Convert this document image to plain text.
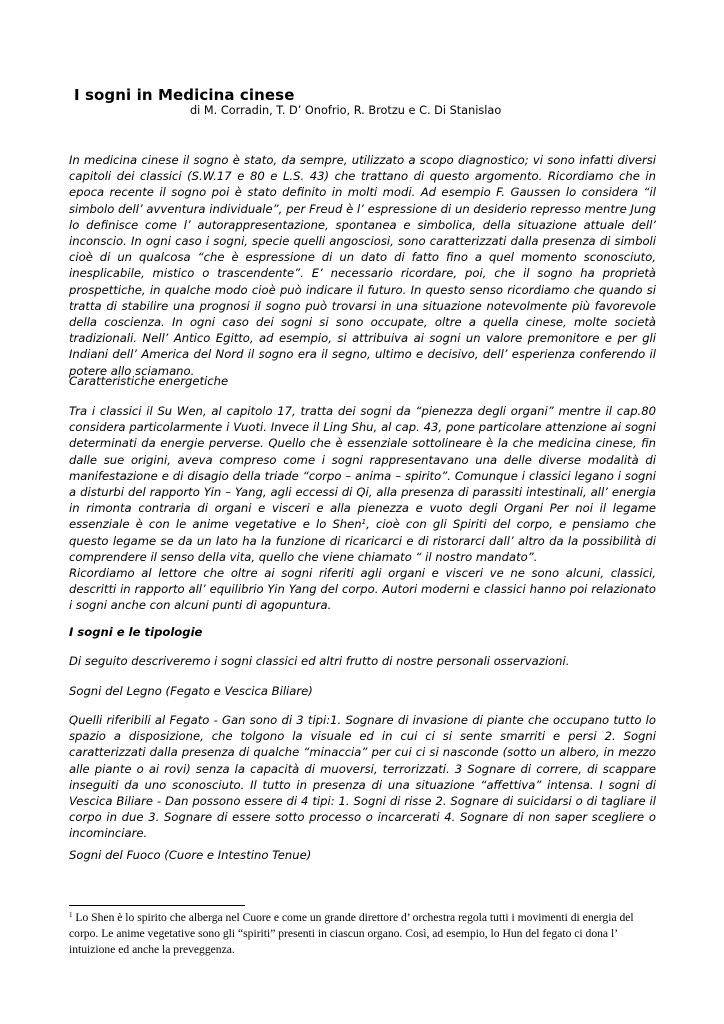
I sogni in Medicina cinese
di M. Corradin, T. D’ Onofrio, R. Brotzu e C. Di Stanislao

In medicina cinese il sogno è stato, da sempre, utilizzato a scopo diagnostico; vi sono infatti diversi capitoli dei classici (S.W.17 e 80 e L.S. 43) che trattano di questo argomento. Ricordiamo che in epoca recente il sogno poi è stato definito in molti modi. Ad esempio F. Gaussen lo considera “il simbolo dell’ avventura individuale”, per Freud è l’ espressione di un desiderio represso mentre Jung lo definisce come l’ autorappresentazione, spontanea e simbolica, della situazione attuale dell’ inconscio. In ogni caso i sogni, specie quelli angosciosi, sono caratterizzati dalla presenza di simboli cioè di un qualcosa “che è espressione di un dato di fatto fino a quel momento sconosciuto, inesplicabile, mistico o trascendente”. E’ necessario ricordare, poi, che il sogno ha proprietà prospettiche, in qualche modo cioè può indicare il futuro. In questo senso ricordiamo che quando si tratta di stabilire una prognosi il sogno può trovarsi in una situazione notevolmente più favorevole della coscienza. In ogni caso dei sogni si sono occupate, oltre a quella cinese, molte società tradizionali. Nell’ Antico Egitto, ad esempio, si attribuiva ai sogni un valore premonitore e per gli Indiani dell’ America del Nord il sogno era il segno, ultimo e decisivo, dell’ esperienza conferendo il potere allo sciamano.

Caratteristiche energetiche

Tra i classici il Su Wen, al capitolo 17, tratta dei sogni da “pienezza degli organi” mentre il cap.80 considera particolarmente i Vuoti. Invece il Ling Shu, al cap. 43, pone particolare attenzione ai sogni determinati da energie perverse. Quello che è essenziale sottolineare è la che medicina cinese, fin dalle sue origini, aveva compreso come i sogni rappresentavano una delle diverse modalità di manifestazione e di disagio della triade “corpo – anima – spirito”. Comunque i classici legano i sogni a disturbi del rapporto Yin – Yang, agli eccessi di Qi, alla presenza di parassiti intestinali, all’ energia in rimonta contraria di organi e visceri e alla pienezza e vuoto degli Organi Per noi il legame essenziale è con le anime vegetative e lo Shen$^1$, cioè con gli Spiriti del corpo, e pensiamo che questo legame se da un lato ha la funzione di ricaricarci e di ristorarci dall’ altro da la possibilità di comprendere il senso della vita, quello che viene chiamato “ il nostro mandato”.

Ricordiamo al lettore che oltre ai sogni riferiti agli organi e visceri ve ne sono alcuni, classici, descritti in rapporto all’ equilibrio Yin Yang del corpo. Autori moderni e classici hanno poi relazionato i sogni anche con alcuni punti di agopuntura.

I sogni e le tipologie

Di seguito descriveremo i sogni classici ed altri frutto di nostre personali osservazioni.

Sogni del Legno (Fegato e Vescica Biliare)

Quelli riferibili al Fegato - Gan sono di 3 tipi:1. Sognare di invasione di piante che occupano tutto lo spazio a disposizione, che tolgono la visuale ed in cui ci si sente smarriti e persi 2. Sogni caratterizzati dalla presenza di qualche “minaccia” per cui ci si nasconde (sotto un albero, in mezzo alle piante o ai rovi) senza la capacità di muoversi, terrorizzati. 3 Sognare di correre, di scappare inseguiti da uno sconosciuto. Il tutto in presenza di una situazione “affettiva” intensa. I sogni di Vescica Biliare - Dan possono essere di 4 tipi: 1. Sogni di risse 2. Sognare di suicidarsi o di tagliare il corpo in due 3. Sognare di essere sotto processo o incarcerati 4. Sognare di non saper scegliere o incominciare.

Sogni del Fuoco (Cuore e Intestino Tenue)

$^1$ Lo Shen è lo spirito che alberga nel Cuore e come un grande direttore d’ orchestra regola tutti i movimenti di energia del corpo. Le anime vegetative sono gli “spiriti” presenti in ciascun organo. Così, ad esempio, lo Hun del fegato ci dona l’ intuizione ed anche la preveggenza.
